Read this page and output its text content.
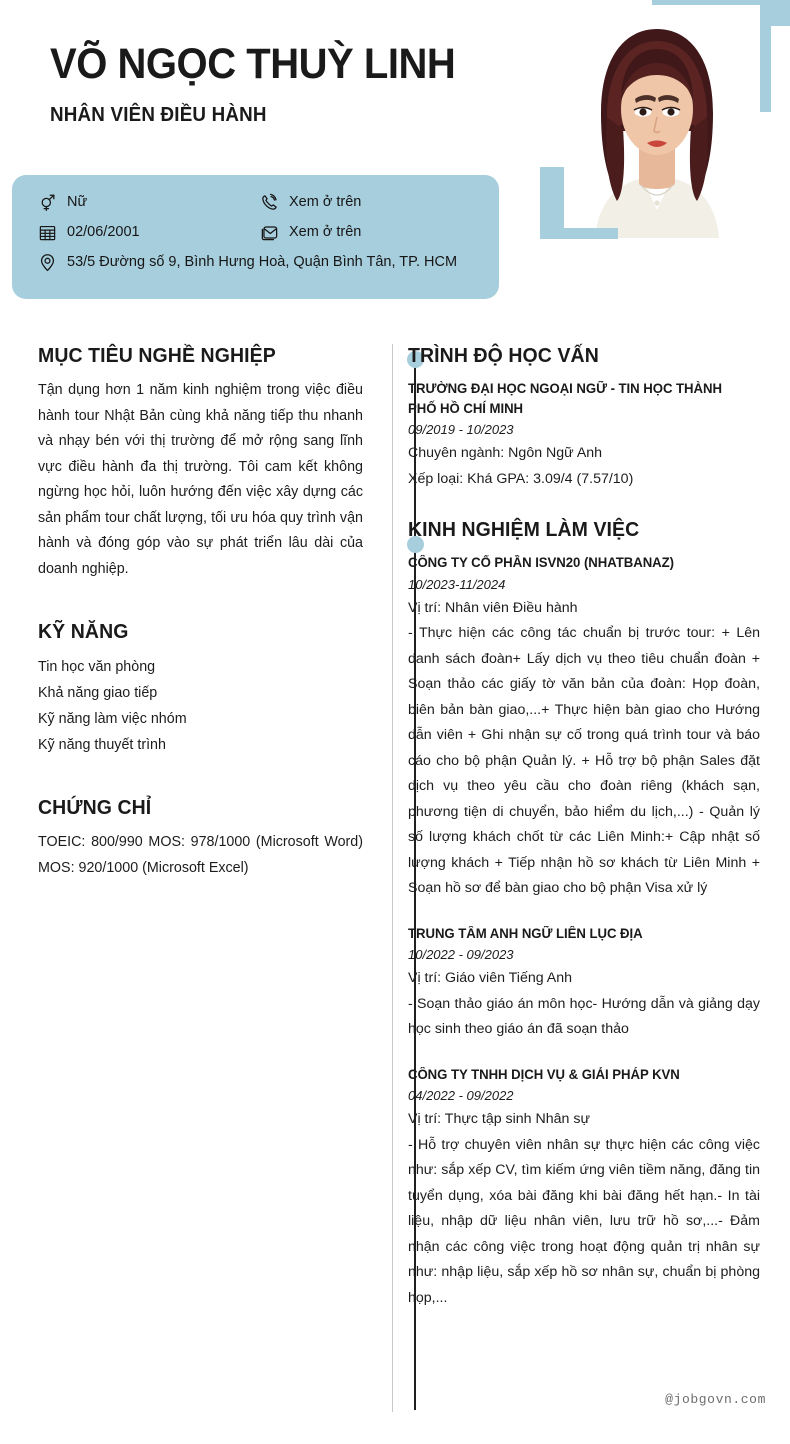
VÕ NGỌC THUỲ LINH
NHÂN VIÊN ĐIỀU HÀNH
Nữ	Xem ở trên
02/06/2001	Xem ở trên
53/5 Đường số 9, Bình Hưng Hoà, Quận Bình Tân, TP. HCM
MỤC TIÊU NGHỀ NGHIỆP
Tận dụng hơn 1 năm kinh nghiệm trong việc điều hành tour Nhật Bản cùng khả năng tiếp thu nhanh và nhạy bén với thị trường để mở rộng sang lĩnh vực điều hành đa thị trường. Tôi cam kết không ngừng học hỏi, luôn hướng đến việc xây dựng các sản phẩm tour chất lượng, tối ưu hóa quy trình vận hành và đóng góp vào sự phát triển lâu dài của doanh nghiệp.
KỸ NĂNG
Tin học văn phòng
Khả năng giao tiếp
Kỹ năng làm việc nhóm
Kỹ năng thuyết trình
CHỨNG CHỈ
TOEIC: 800/990 MOS: 978/1000 (Microsoft Word) MOS: 920/1000 (Microsoft Excel)
TRÌNH ĐỘ HỌC VẤN
TRƯỜNG ĐẠI HỌC NGOẠI NGỮ - TIN HỌC THÀNH PHỐ HỒ CHÍ MINH
09/2019 - 10/2023
Chuyên ngành: Ngôn Ngữ Anh
Xếp loại: Khá GPA: 3.09/4 (7.57/10)
KINH NGHIỆM LÀM VIỆC
CÔNG TY CỔ PHẦN ISVN20 (NHATBANAZ)
10/2023-11/2024
Vị trí: Nhân viên Điều hành
- Thực hiện các công tác chuẩn bị trước tour: + Lên danh sách đoàn+ Lấy dịch vụ theo tiêu chuẩn đoàn + Soạn thảo các giấy tờ văn bản của đoàn: Họp đoàn, biên bản bàn giao,...+ Thực hiện bàn giao cho Hướng dẫn viên + Ghi nhận sự cố trong quá trình tour và báo cáo cho bộ phận Quản lý. + Hỗ trợ bộ phận Sales đặt dịch vụ theo yêu cầu cho đoàn riêng (khách sạn, phương tiện di chuyển, bảo hiểm du lịch,...) - Quản lý số lượng khách chốt từ các Liên Minh:+ Cập nhật số lượng khách + Tiếp nhận hồ sơ khách từ Liên Minh + Soạn hồ sơ để bàn giao cho bộ phận Visa xử lý
TRUNG TÂM ANH NGỮ LIÊN LỤC ĐỊA
10/2022 - 09/2023
Vị trí: Giáo viên Tiếng Anh
- Soạn thảo giáo án môn học- Hướng dẫn và giảng dạy học sinh theo giáo án đã soạn thảo
CÔNG TY TNHH DỊCH VỤ & GIẢI PHÁP KVN
04/2022 - 09/2022
Vị trí: Thực tập sinh Nhân sự
- Hỗ trợ chuyên viên nhân sự thực hiện các công việc như: sắp xếp CV, tìm kiếm ứng viên tiềm năng, đăng tin tuyển dụng, xóa bài đăng khi bài đăng hết hạn.- In tài liệu, nhập dữ liệu nhân viên, lưu trữ hồ sơ,...- Đảm nhận các công việc trong hoạt động quản trị nhân sự như: nhập liệu, sắp xếp hồ sơ nhân sự, chuẩn bị phòng họp,...
@jobgovn.com
